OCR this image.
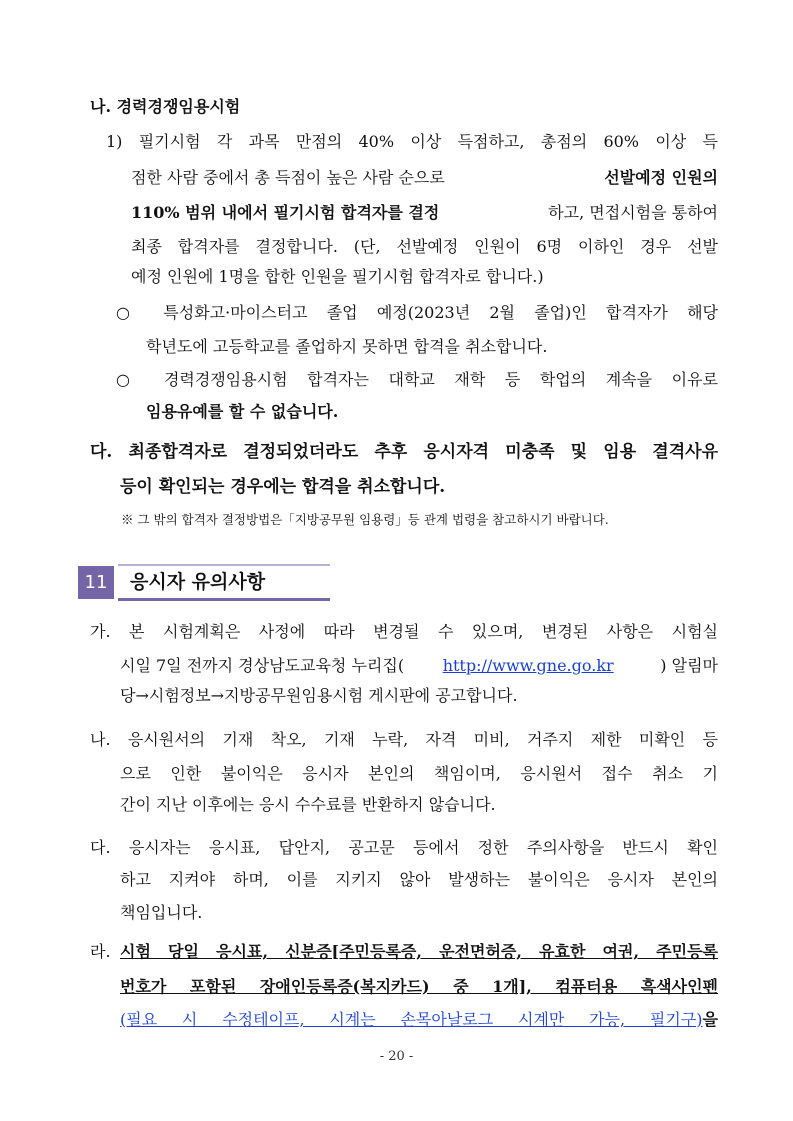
나. 경력경쟁임용시험
1) 필기시험 각 과목 만점의 40% 이상 득점하고, 총점의 60% 이상 득
점한 사람 중에서 총 득점이 높은 사람 순으로	선발예정 인원의
110% 범위 내에서 필기시험 합격자를 결정	하고, 면접시험을 통하여
최종 합격자를 결정합니다. (단, 선발예정 인원이 6명 이하인 경우 선발
예정 인원에 1명을 합한 인원을 필기시험 합격자로 합니다.)
○ 특성화고·마이스터고 졸업 예정(2023년 2월 졸업)인 합격자가 해당
학년도에 고등학교를 졸업하지 못하면 합격을 취소합니다.
○ 경력경쟁임용시험 합격자는 대학교 재학 등 학업의 계속을 이유로
임용유예를 할 수 없습니다.
다. 최종합격자로 결정되었더라도 추후 응시자격 미충족 및 임용 결격사유
등이 확인되는 경우에는 합격을 취소합니다.
※ 그 밖의 합격자 결정방법은「지방공무원 임용령」등 관계 법령을 참고하시기 바랍니다.
11	응시자 유의사항
가. 본 시험계획은 사정에 따라 변경될 수 있으며, 변경된 사항은 시험실
시일 7일 전까지 경상남도교육청 누리집( http://www.gne.go.kr	) 알림마
당→시험정보→지방공무원임용시험 게시판에 공고합니다.
나. 응시원서의 기재 착오, 기재 누락, 자격 미비, 거주지 제한 미확인 등
으로 인한 불이익은 응시자 본인의 책임이며, 응시원서 접수 취소 기
간이 지난 이후에는 응시 수수료를 반환하지 않습니다.
다. 응시자는 응시표, 답안지, 공고문 등에서 정한 주의사항을 반드시 확인
하고 지켜야 하며, 이를 지키지 않아 발생하는 불이익은 응시자 본인의
책임입니다.
라. 시험 당일 응시표, 신분증[주민등록증, 운전면허증, 유효한 여권, 주민등록
번호가 포함된 장애인등록증(복지카드) 중 1개], 컴퓨터용 흑색사인펜
(필요 시 수정테이프, 시계는 손목아날로그 시계만 가능, 필기구) 을
- 20 -
